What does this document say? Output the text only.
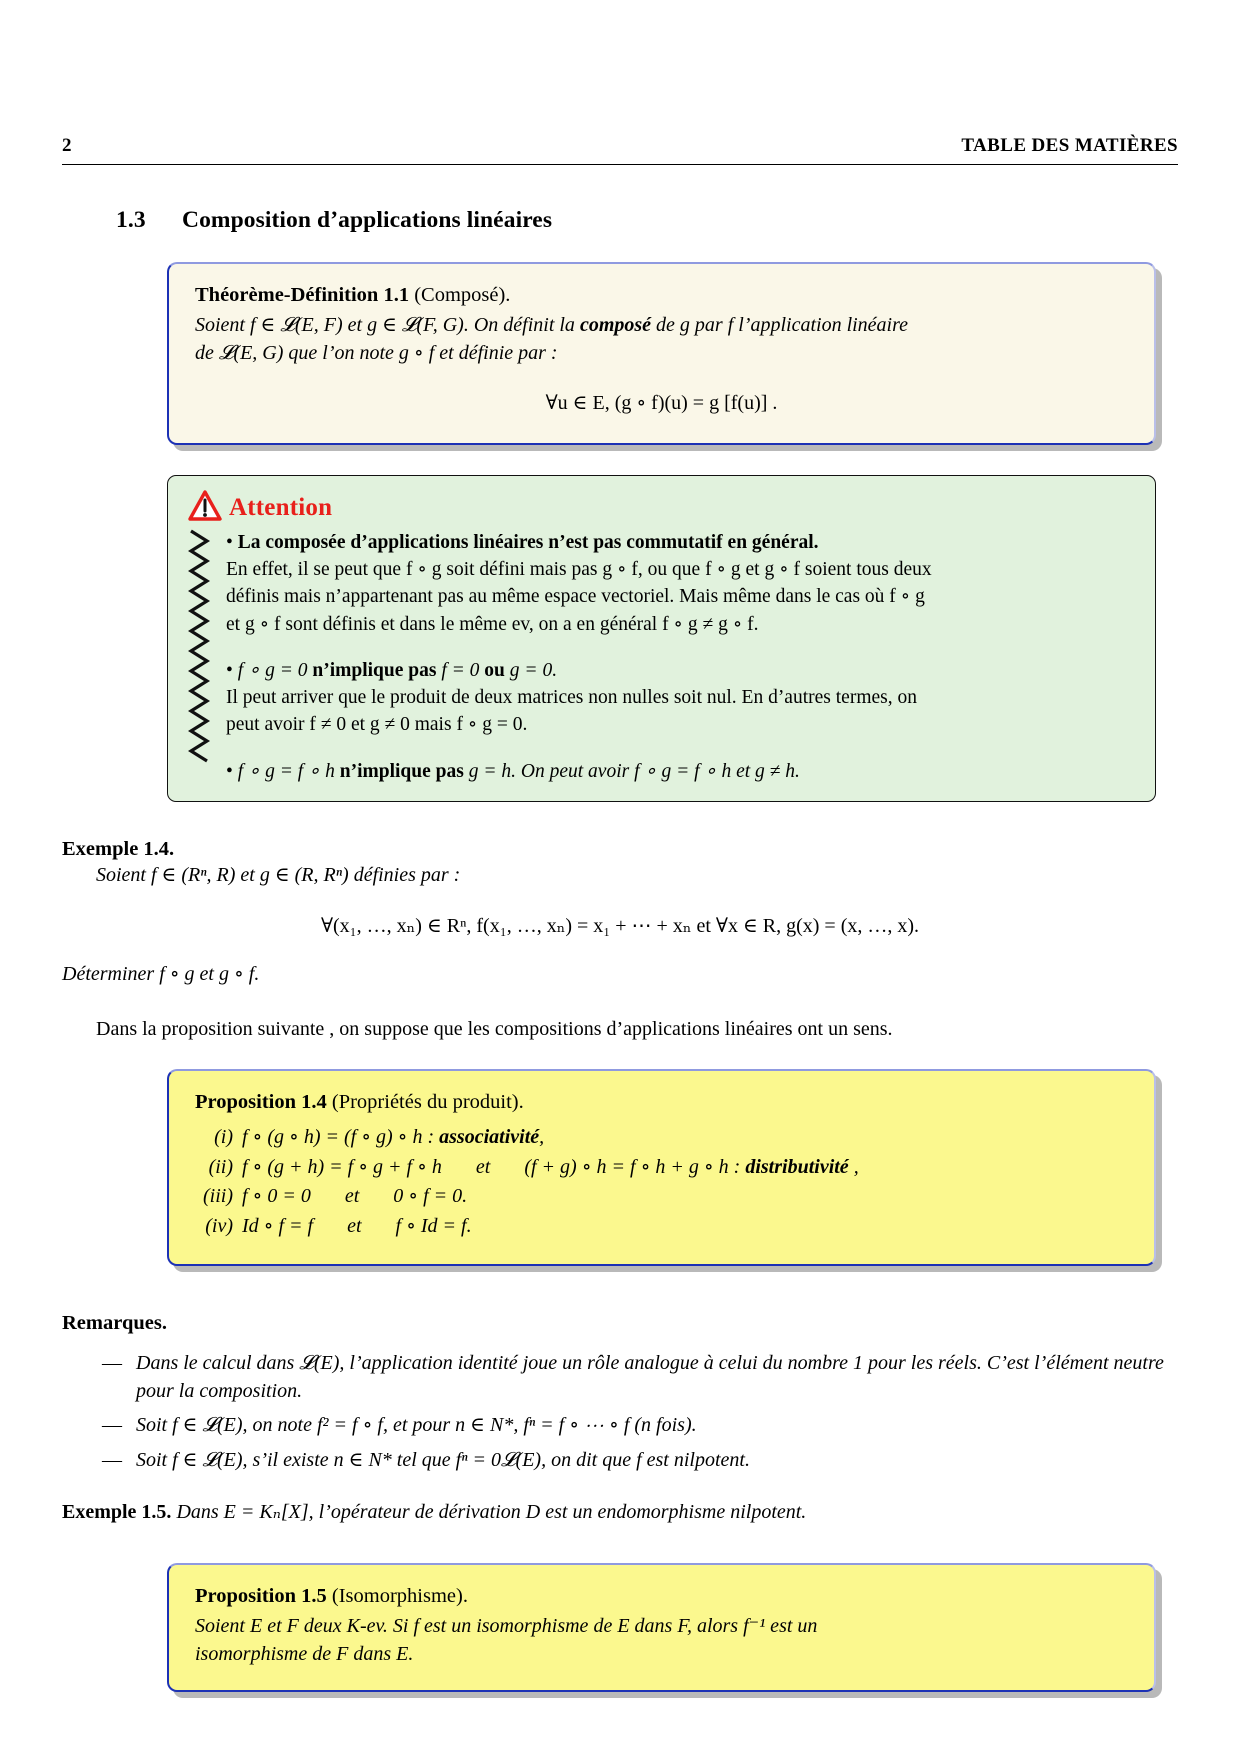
2	TABLE DES MATIÈRES
1.3 Composition d’applications linéaires
Théorème-Définition 1.1 (Composé).
Soient f ∈ 𝓛(E, F) et g ∈ 𝓛(F, G). On définit la composé de g par f l’application linéaire
de 𝓛(E, G) que l’on note g ∘ f et définie par :
∀u ∈ E, (g ∘ f)(u) = g [f(u)] .
Attention

• La composée d’applications linéaires n’est pas commutatif en général.

En effet, il se peut que f ∘ g soit défini mais pas g ∘ f, ou que f ∘ g et g ∘ f soient tous deux

définis mais n’appartenant pas au même espace vectoriel. Mais même dans le cas où f ∘ g

et g ∘ f sont définis et dans le même ev, on a en général f ∘ g ≠ g ∘ f.

• f ∘ g = 0 n’implique pas f = 0 ou g = 0.

Il peut arriver que le produit de deux matrices non nulles soit nul. En d’autres termes, on

peut avoir f ≠ 0 et g ≠ 0 mais f ∘ g = 0.

• f ∘ g = f ∘ h n’implique pas g = h. On peut avoir f ∘ g = f ∘ h et g ≠ h.

Exemple 1.4.
Soient f ∈ (Rⁿ, R) et g ∈ (R, Rⁿ) définies par :
∀(x₁, …, xₙ) ∈ Rⁿ, f(x₁, …, xₙ) = x₁ + ⋯ + xₙ et ∀x ∈ R, g(x) = (x, …, x).
Déterminer f ∘ g et g ∘ f.
Dans la proposition suivante , on suppose que les compositions d’applications linéaires ont un sens.
Proposition 1.4 (Propriétés du produit).
(i) f ∘ (g ∘ h) = (f ∘ g) ∘ h : associativité,
(ii) f ∘ (g + h) = f ∘ g + f ∘ h et (f + g) ∘ h = f ∘ h + g ∘ h : distributivité ,
(iii) f ∘ 0 = 0 et 0 ∘ f = 0.
(iv) Id ∘ f = f et f ∘ Id = f.
Remarques.
— Dans le calcul dans 𝓛(E), l’application identité joue un rôle analogue à celui du nombre 1 pour les réels. C’est l’élément neutre pour la composition.
— Soit f ∈ 𝓛(E), on note f² = f ∘ f, et pour n ∈ N*, fⁿ = f ∘ ⋯ ∘ f (n fois).
— Soit f ∈ 𝓛(E), s’il existe n ∈ N* tel que fⁿ = 0𝓛(E), on dit que f est nilpotent.
Exemple 1.5. Dans E = Kₙ[X], l’opérateur de dérivation D est un endomorphisme nilpotent.
Proposition 1.5 (Isomorphisme).
Soient E et F deux K-ev. Si f est un isomorphisme de E dans F, alors f⁻¹ est un
isomorphisme de F dans E.
